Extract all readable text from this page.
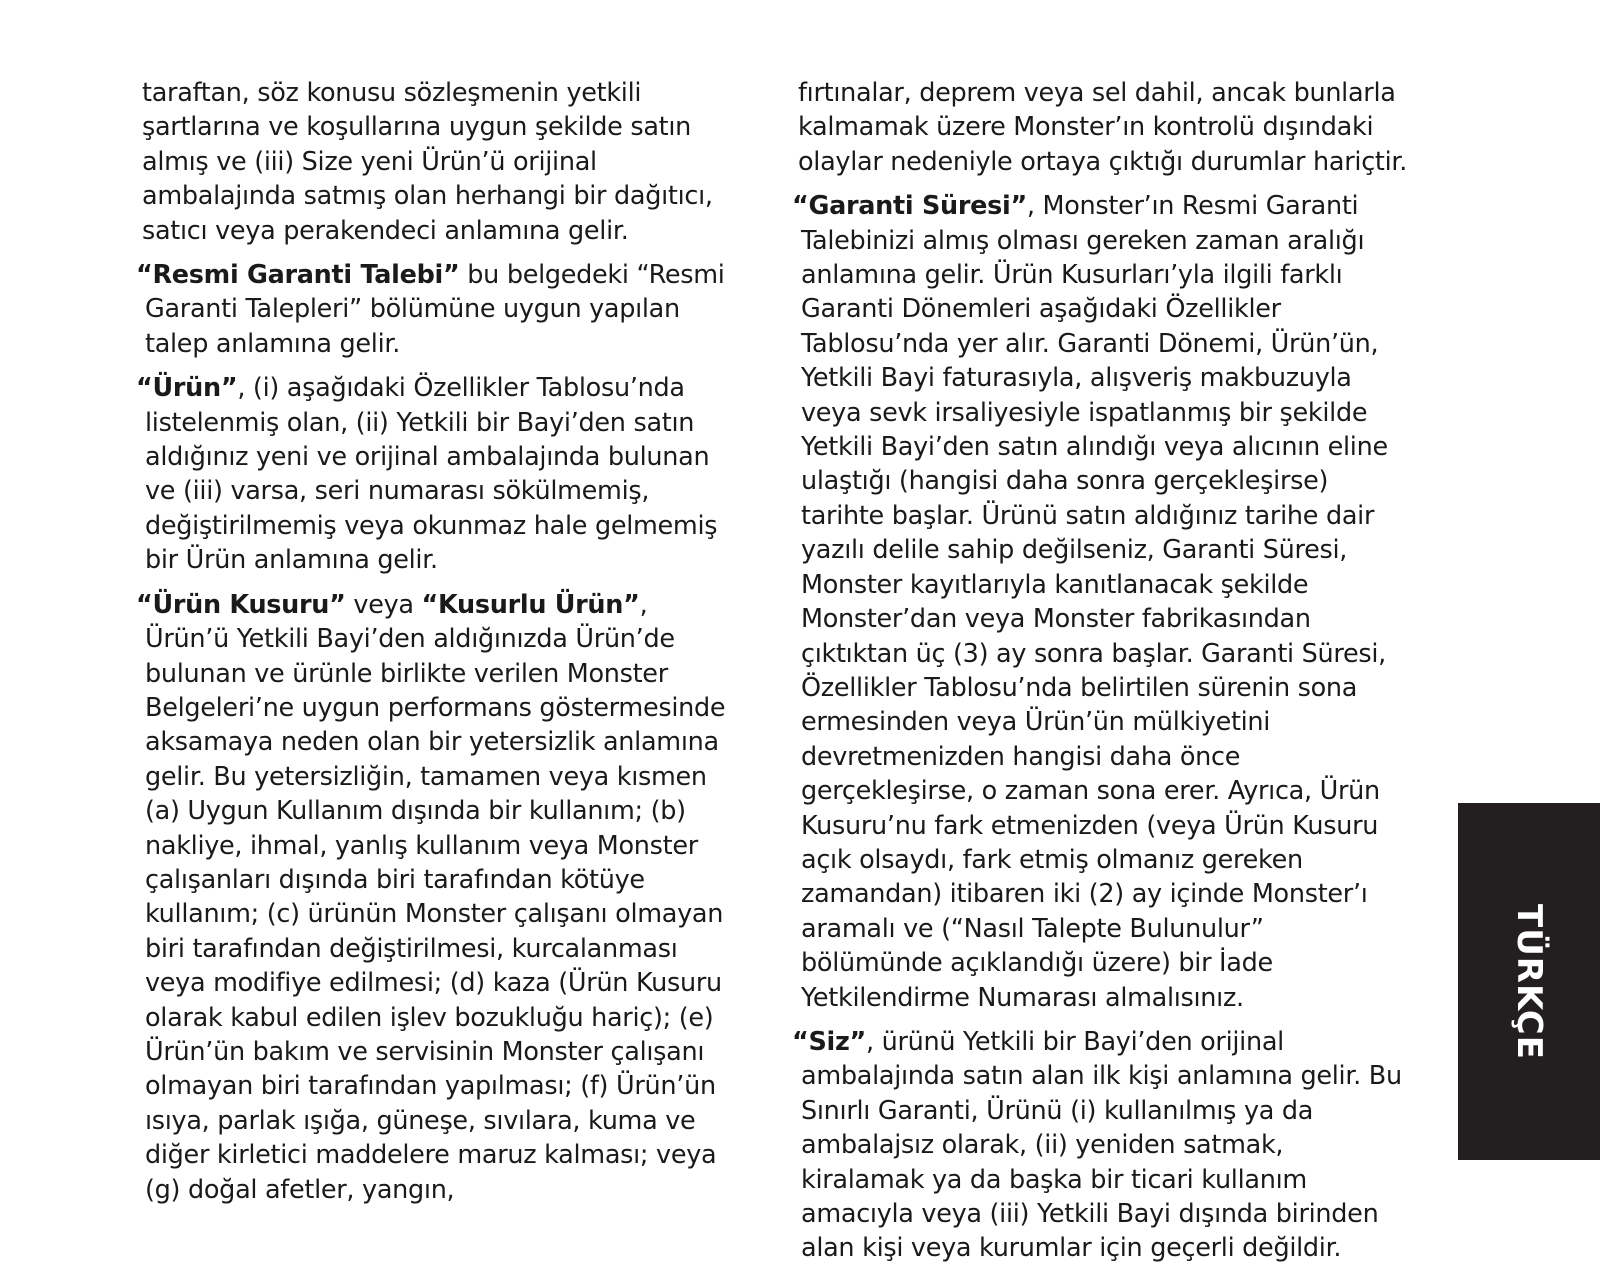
taraftan, söz konusu sözleşmenin yetkili şartlarına ve koşullarına uygun şekilde satın almış ve (iii) Size yeni Ürün’ü orijinal ambalajında satmış olan herhangi bir dağıtıcı, satıcı veya perakendeci anlamına gelir.

“Resmi Garanti Talebi” bu belgedeki “Resmi Garanti Talepleri” bölümüne uygun yapılan talep anlamına gelir.

“Ürün”, (i) aşağıdaki Özellikler Tablosu’nda listelenmiş olan, (ii) Yetkili bir Bayi’den satın aldığınız yeni ve orijinal ambalajında bulunan ve (iii) varsa, seri numarası sökülmemiş, değiştirilmemiş veya okunmaz hale gelmemiş bir Ürün anlamına gelir.

“Ürün Kusuru” veya “Kusurlu Ürün”, Ürün’ü Yetkili Bayi’den aldığınızda Ürün’de bulunan ve ürünle birlikte verilen Monster Belgeleri’ne uygun performans göstermesinde aksamaya neden olan bir yetersizlik anlamına gelir. Bu yetersizliğin, tamamen veya kısmen (a) Uygun Kullanım dışında bir kullanım; (b) nakliye, ihmal, yanlış kullanım veya Monster çalışanları dışında biri tarafından kötüye kullanım; (c) ürünün Monster çalışanı olmayan biri tarafından değiştirilmesi, kurcalanması veya modifiye edilmesi; (d) kaza (Ürün Kusuru olarak kabul edilen işlev bozukluğu hariç); (e) Ürün’ün bakım ve servisinin Monster çalışanı olmayan biri tarafından yapılması; (f) Ürün’ün ısıya, parlak ışığa, güneşe, sıvılara, kuma ve diğer kirletici maddelere maruz kalması; veya (g) doğal afetler, yangın,

fırtınalar, deprem veya sel dahil, ancak bunlarla kalmamak üzere Monster’ın kontrolü dışındaki olaylar nedeniyle ortaya çıktığı durumlar hariçtir.

“Garanti Süresi”, Monster’ın Resmi Garanti Talebinizi almış olması gereken zaman aralığı anlamına gelir. Ürün Kusurları’yla ilgili farklı Garanti Dönemleri aşağıdaki Özellikler Tablosu’nda yer alır. Garanti Dönemi, Ürün’ün, Yetkili Bayi faturasıyla, alışveriş makbuzuyla veya sevk irsaliyesiyle ispatlanmış bir şekilde Yetkili Bayi’den satın alındığı veya alıcının eline ulaştığı (hangisi daha sonra gerçekleşirse) tarihte başlar. Ürünü satın aldığınız tarihe dair yazılı delile sahip değilseniz, Garanti Süresi, Monster kayıtlarıyla kanıtlanacak şekilde Monster’dan veya Monster fabrikasından çıktıktan üç (3) ay sonra başlar. Garanti Süresi, Özellikler Tablosu’nda belirtilen sürenin sona ermesinden veya Ürün’ün mülkiyetini devretmenizden hangisi daha önce gerçekleşirse, o zaman sona erer. Ayrıca, Ürün Kusuru’nu fark etmenizden (veya Ürün Kusuru açık olsaydı, fark etmiş olmanız gereken zamandan) itibaren iki (2) ay içinde Monster’ı aramalı ve (“Nasıl Talepte Bulunulur” bölümünde açıklandığı üzere) bir İade Yetkilendirme Numarası almalısınız.

“Siz”, ürünü Yetkili bir Bayi’den orijinal ambalajında satın alan ilk kişi anlamına gelir. Bu Sınırlı Garanti, Ürünü (i) kullanılmış ya da ambalajsız olarak, (ii) yeniden satmak, kiralamak ya da başka bir ticari kullanım amacıyla veya (iii) Yetkili Bayi dışında birinden alan kişi veya kurumlar için geçerli değildir.

TÜRKÇE
